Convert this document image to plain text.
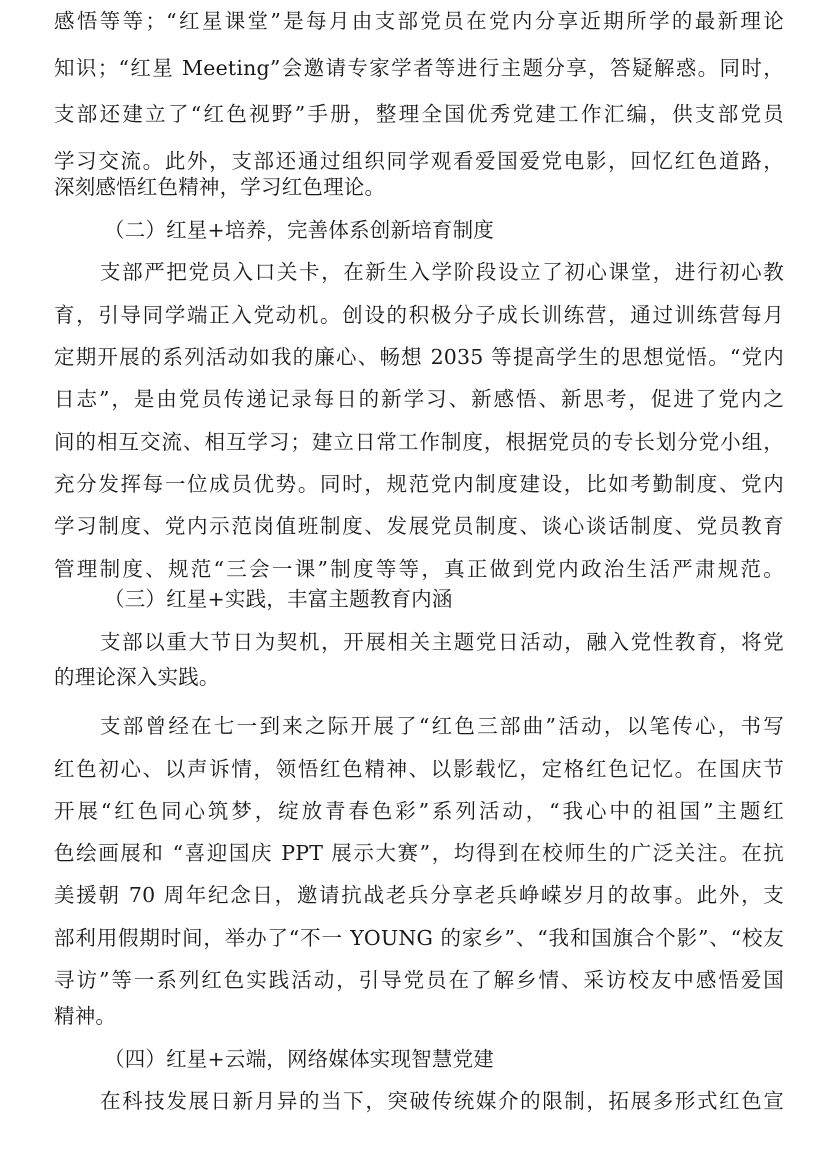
感悟等等；“红星课堂”是每月由支部党员在党内分享近期所学的最新理论
知识；“红星 Meeting”会邀请专家学者等进行主题分享，答疑解惑。同时，
支部还建立了“红色视野”手册，整理全国优秀党建工作汇编，供支部党员
学习交流。此外，支部还通过组织同学观看爱国爱党电影，回忆红色道路，
深刻感悟红色精神，学习红色理论。
（二）红星+培养，完善体系创新培育制度
支部严把党员入口关卡，在新生入学阶段设立了初心课堂，进行初心教
育，引导同学端正入党动机。创设的积极分子成长训练营，通过训练营每月
定期开展的系列活动如我的廉心、畅想 2035 等提高学生的思想觉悟。“党内
日志”，是由党员传递记录每日的新学习、新感悟、新思考，促进了党内之
间的相互交流、相互学习；建立日常工作制度，根据党员的专长划分党小组，
充分发挥每一位成员优势。同时，规范党内制度建设，比如考勤制度、党内
学习制度、党内示范岗值班制度、发展党员制度、谈心谈话制度、党员教育
管理制度、规范“三会一课”制度等等，真正做到党内政治生活严肃规范。
（三）红星+实践，丰富主题教育内涵
支部以重大节日为契机，开展相关主题党日活动，融入党性教育，将党
的理论深入实践。
支部曾经在七一到来之际开展了“红色三部曲”活动，以笔传心，书写
红色初心、以声诉情，领悟红色精神、以影载忆，定格红色记忆。在国庆节
开展“红色同心筑梦，绽放青春色彩”系列活动，“我心中的祖国”主题红
色绘画展和 “喜迎国庆 PPT 展示大赛”，均得到在校师生的广泛关注。在抗
美援朝 70 周年纪念日，邀请抗战老兵分享老兵峥嵘岁月的故事。此外，支
部利用假期时间，举办了“不一 YOUNG 的家乡”、“我和国旗合个影”、“校友
寻访”等一系列红色实践活动，引导党员在了解乡情、采访校友中感悟爱国
精神。
（四）红星+云端，网络媒体实现智慧党建
在科技发展日新月异的当下，突破传统媒介的限制，拓展多形式红色宣
